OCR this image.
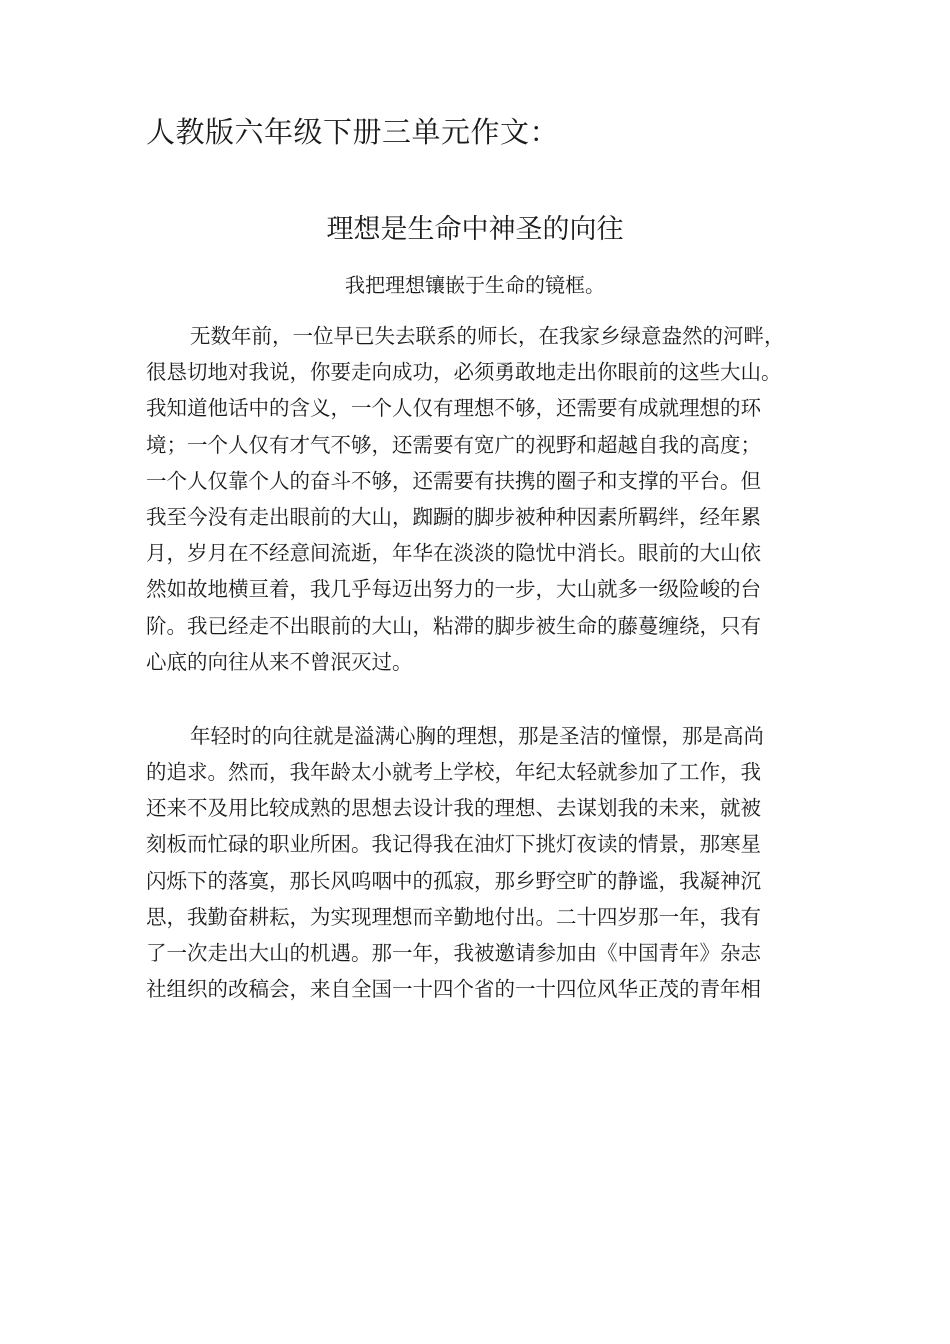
人教版六年级下册三单元作文：
理想是生命中神圣的向往
我把理想镶嵌于生命的镜框。
无数年前，一位早已失去联系的师长，在我家乡绿意盎然的河畔，
很恳切地对我说，你要走向成功，必须勇敢地走出你眼前的这些大山。
我知道他话中的含义，一个人仅有理想不够，还需要有成就理想的环
境；一个人仅有才气不够，还需要有宽广的视野和超越自我的高度；
一个人仅靠个人的奋斗不够，还需要有扶携的圈子和支撑的平台。但
我至今没有走出眼前的大山，踟蹰的脚步被种种因素所羁绊，经年累
月，岁月在不经意间流逝，年华在淡淡的隐忧中消长。眼前的大山依
然如故地横亘着，我几乎每迈出努力的一步，大山就多一级险峻的台
阶。我已经走不出眼前的大山，粘滞的脚步被生命的藤蔓缠绕，只有
心底的向往从来不曾泯灭过。
年轻时的向往就是溢满心胸的理想，那是圣洁的憧憬，那是高尚
的追求。然而，我年龄太小就考上学校，年纪太轻就参加了工作，我
还来不及用比较成熟的思想去设计我的理想、去谋划我的未来，就被
刻板而忙碌的职业所困。我记得我在油灯下挑灯夜读的情景，那寒星
闪烁下的落寞，那长风呜咽中的孤寂，那乡野空旷的静谧，我凝神沉
思，我勤奋耕耘，为实现理想而辛勤地付出。二十四岁那一年，我有
了一次走出大山的机遇。那一年，我被邀请参加由《中国青年》杂志
社组织的改稿会，来自全国一十四个省的一十四位风华正茂的青年相
